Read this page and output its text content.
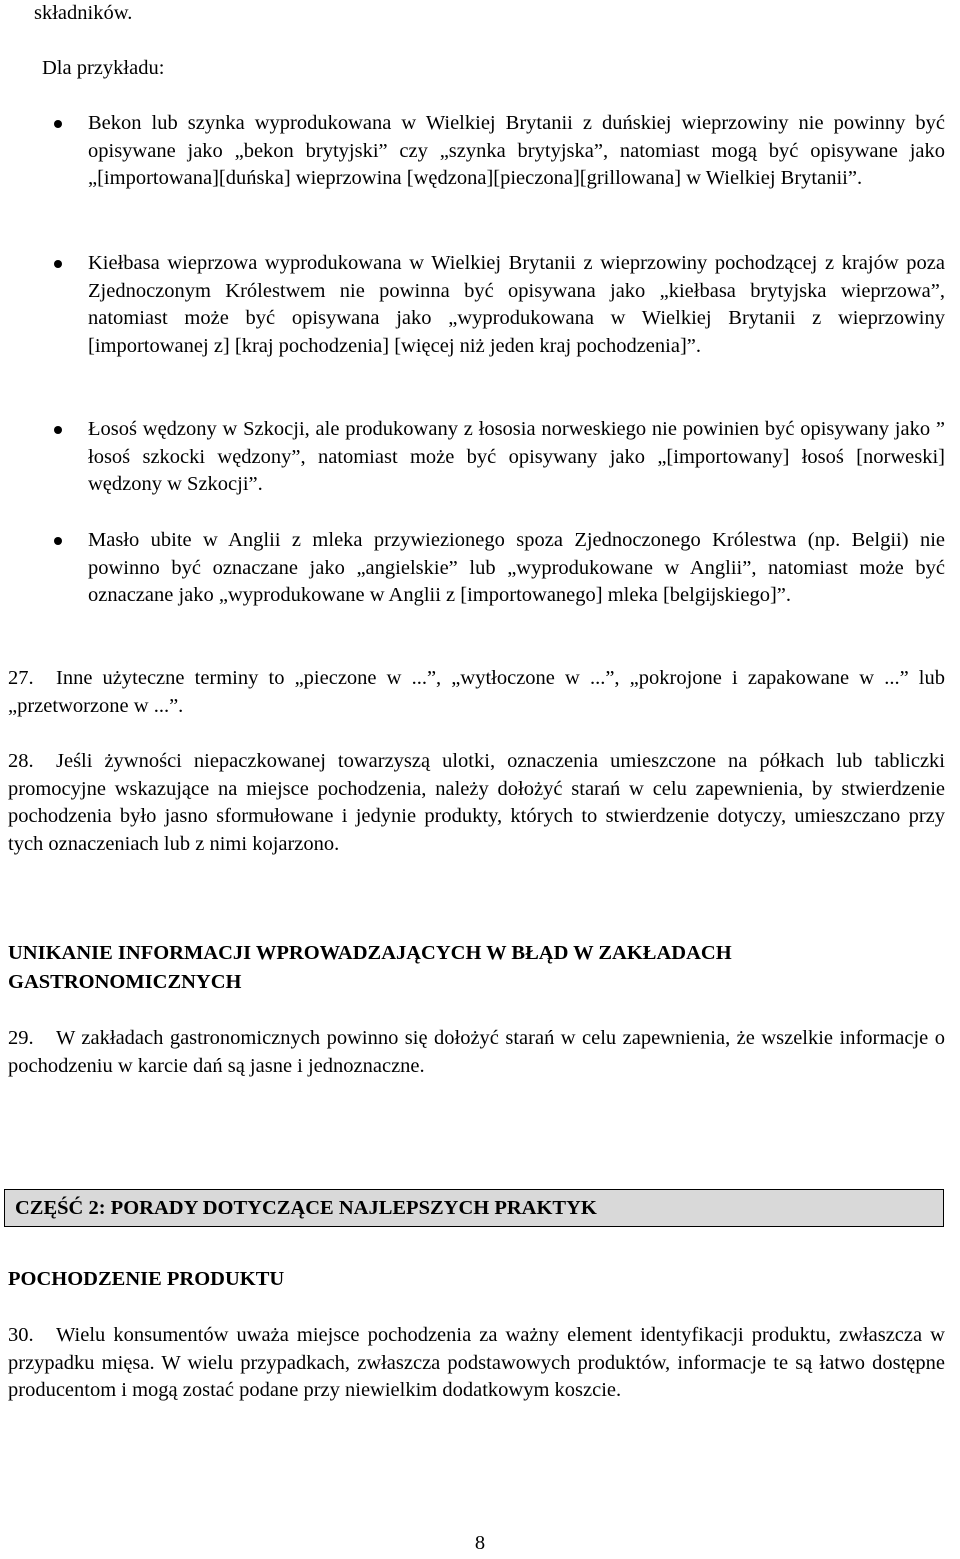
składników.

Dla przykładu:

Bekon lub szynka wyprodukowana w Wielkiej Brytanii z duńskiej wieprzowiny nie powinny być opisywane jako „bekon brytyjski” czy „szynka brytyjska”, natomiast mogą być opisywane jako „[importowana][duńska] wieprzowina [wędzona][pieczona][grillowana] w Wielkiej Brytanii”.

Kiełbasa wieprzowa wyprodukowana w Wielkiej Brytanii z wieprzowiny pochodzącej z krajów poza Zjednoczonym Królestwem nie powinna być opisywana jako „kiełbasa brytyjska wieprzowa”, natomiast może być opisywana jako „wyprodukowana w Wielkiej Brytanii z wieprzowiny [importowanej z] [kraj pochodzenia] [więcej niż jeden kraj pochodzenia]”.

Łosoś wędzony w Szkocji, ale produkowany z łososia norweskiego nie powinien być opisywany jako ” łosoś szkocki wędzony”, natomiast może być opisywany jako „[importowany] łosoś [norweski] wędzony w Szkocji”.

Masło ubite w Anglii z mleka przywiezionego spoza Zjednoczonego Królestwa (np. Belgii) nie powinno być oznaczane jako „angielskie” lub „wyprodukowane w Anglii”, natomiast może być oznaczane jako „wyprodukowane w Anglii z [importowanego] mleka [belgijskiego]”.

27.	Inne użyteczne terminy to „pieczone w ...”, „wytłoczone w ...”, „pokrojone i zapakowane w ...” lub „przetworzone w ...”.

28.	Jeśli żywności niepaczkowanej towarzyszą ulotki, oznaczenia umieszczone na półkach lub tabliczki promocyjne wskazujące na miejsce pochodzenia, należy dołożyć starań w celu zapewnienia, by stwierdzenie pochodzenia było jasno sformułowane i jedynie produkty, których to stwierdzenie dotyczy, umieszczano przy tych oznaczeniach lub z nimi kojarzono.

UNIKANIE INFORMACJI WPROWADZAJĄCYCH W BŁĄD W ZAKŁADACH GASTRONOMICZNYCH

29.	W zakładach gastronomicznych powinno się dołożyć starań w celu zapewnienia, że wszelkie informacje o pochodzeniu w karcie dań są jasne i jednoznaczne.

CZĘŚĆ 2: PORADY DOTYCZĄCE NAJLEPSZYCH PRAKTYK

POCHODZENIE PRODUKTU

30.	Wielu konsumentów uważa miejsce pochodzenia za ważny element identyfikacji produktu, zwłaszcza w przypadku mięsa. W wielu przypadkach, zwłaszcza podstawowych produktów, informacje te są łatwo dostępne producentom i mogą zostać podane przy niewielkim dodatkowym koszcie.

8
